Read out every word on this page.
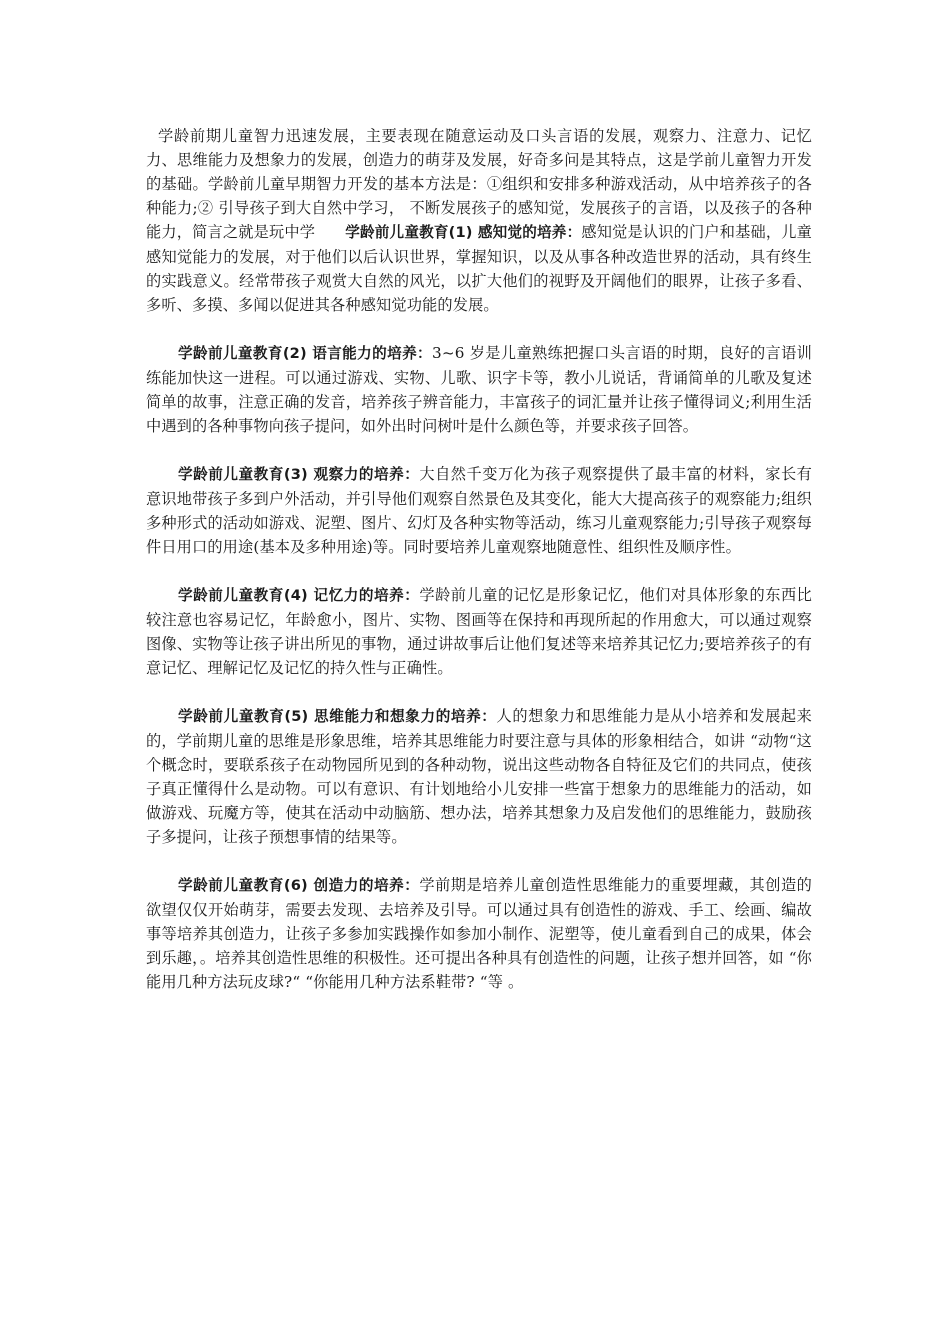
学龄前期儿童智力迅速发展，主要表现在随意运动及口头言语的发展，观察力、注意力、记忆力、思维能力及想象力的发展，创造力的萌芽及发展，好奇多问是其特点，这是学前儿童智力开发的基础。学龄前儿童早期智力开发的基本方法是：①组织和安排多种游戏活动，从中培养孩子的各种能力;② 引导孩子到大自然中学习， 不断发展孩子的感知觉，发展孩子的言语，以及孩子的各种能力，简言之就是玩中学 学龄前儿童教育(1) 感知觉的培养：感知觉是认识的门户和基础，儿童感知觉能力的发展，对于他们以后认识世界，掌握知识，以及从事各种改造世界的活动，具有终生的实践意义。经常带孩子观赏大自然的风光，以扩大他们的视野及开阔他们的眼界，让孩子多看、多听、多摸、多闻以促进其各种感知觉功能的发展。

学龄前儿童教育(2) 语言能力的培养：3~6 岁是儿童熟练把握口头言语的时期，良好的言语训练能加快这一进程。可以通过游戏、实物、儿歌、识字卡等，教小儿说话，背诵简单的儿歌及复述简单的故事，注意正确的发音，培养孩子辨音能力，丰富孩子的词汇量并让孩子懂得词义;利用生活中遇到的各种事物向孩子提问，如外出时问树叶是什么颜色等，并要求孩子回答。

学龄前儿童教育(3) 观察力的培养：大自然千变万化为孩子观察提供了最丰富的材料，家长有意识地带孩子多到户外活动，并引导他们观察自然景色及其变化，能大大提高孩子的观察能力;组织多种形式的活动如游戏、泥塑、图片、幻灯及各种实物等活动，练习儿童观察能力;引导孩子观察每件日用口的用途(基本及多种用途)等。同时要培养儿童观察地随意性、组织性及顺序性。

学龄前儿童教育(4) 记忆力的培养：学龄前儿童的记忆是形象记忆，他们对具体形象的东西比较注意也容易记忆，年龄愈小，图片、实物、图画等在保持和再现所起的作用愈大，可以通过观察图像、实物等让孩子讲出所见的事物，通过讲故事后让他们复述等来培养其记忆力;要培养孩子的有意记忆、理解记忆及记忆的持久性与正确性。

学龄前儿童教育(5) 思维能力和想象力的培养：人的想象力和思维能力是从小培养和发展起来的，学前期儿童的思维是形象思维，培养其思维能力时要注意与具体的形象相结合，如讲 “动物“这个概念时，要联系孩子在动物园所见到的各种动物，说出这些动物各自特征及它们的共同点，使孩子真正懂得什么是动物。可以有意识、有计划地给小儿安排一些富于想象力的思维能力的活动，如做游戏、玩魔方等，使其在活动中动脑筋、想办法，培养其想象力及启发他们的思维能力，鼓励孩子多提问，让孩子预想事情的结果等。

学龄前儿童教育(6) 创造力的培养：学前期是培养儿童创造性思维能力的重要埋藏，其创造的欲望仅仅开始萌芽，需要去发现、去培养及引导。可以通过具有创造性的游戏、手工、绘画、编故事等培养其创造力，让孩子多参加实践操作如参加小制作、泥塑等，使儿童看到自己的成果，体会到乐趣，。培养其创造性思维的积极性。还可提出各种具有创造性的问题，让孩子想并回答，如 “你能用几种方法玩皮球?“ “你能用几种方法系鞋带? “等 。
